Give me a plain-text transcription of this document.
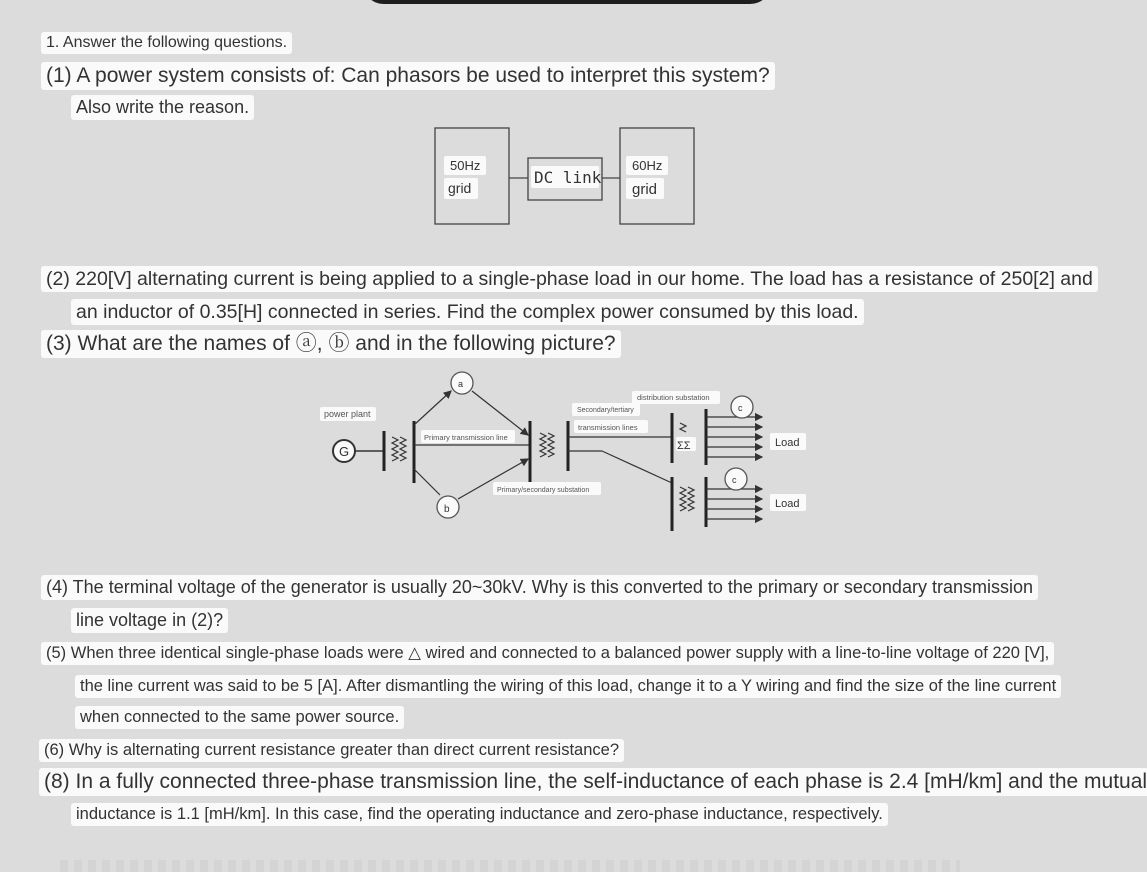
1. Answer the following questions.
(1) A power system consists of: Can phasors be used to interpret this system?
Also write the reason.
50Hz
grid
DC link
60Hz
grid
(2) 220[V] alternating current is being applied to a single-phase load in our home. The load has a resistance of 250[2] and
an inductor of 0.35[H] connected in series. Find the complex power consumed by this load.
(3) What are the names of ⓐ, ⓑ and in the following picture?
power plant
G
Primary transmission line
a
b
Primary/secondary substation
Secondary/tertiary
transmission lines
distribution substation
ΣΣ
c
Load
c
Load
(4) The terminal voltage of the generator is usually 20~30kV. Why is this converted to the primary or secondary transmission
line voltage in (2)?
(5) When three identical single-phase loads were △ wired and connected to a balanced power supply with a line-to-line voltage of 220 [V],
the line current was said to be 5 [A]. After dismantling the wiring of this load, change it to a Y wiring and find the size of the line current
when connected to the same power source.
(6) Why is alternating current resistance greater than direct current resistance?
(8) In a fully connected three-phase transmission line, the self-inductance of each phase is 2.4 [mH/km] and the mutual
inductance is 1.1 [mH/km]. In this case, find the operating inductance and zero-phase inductance, respectively.
